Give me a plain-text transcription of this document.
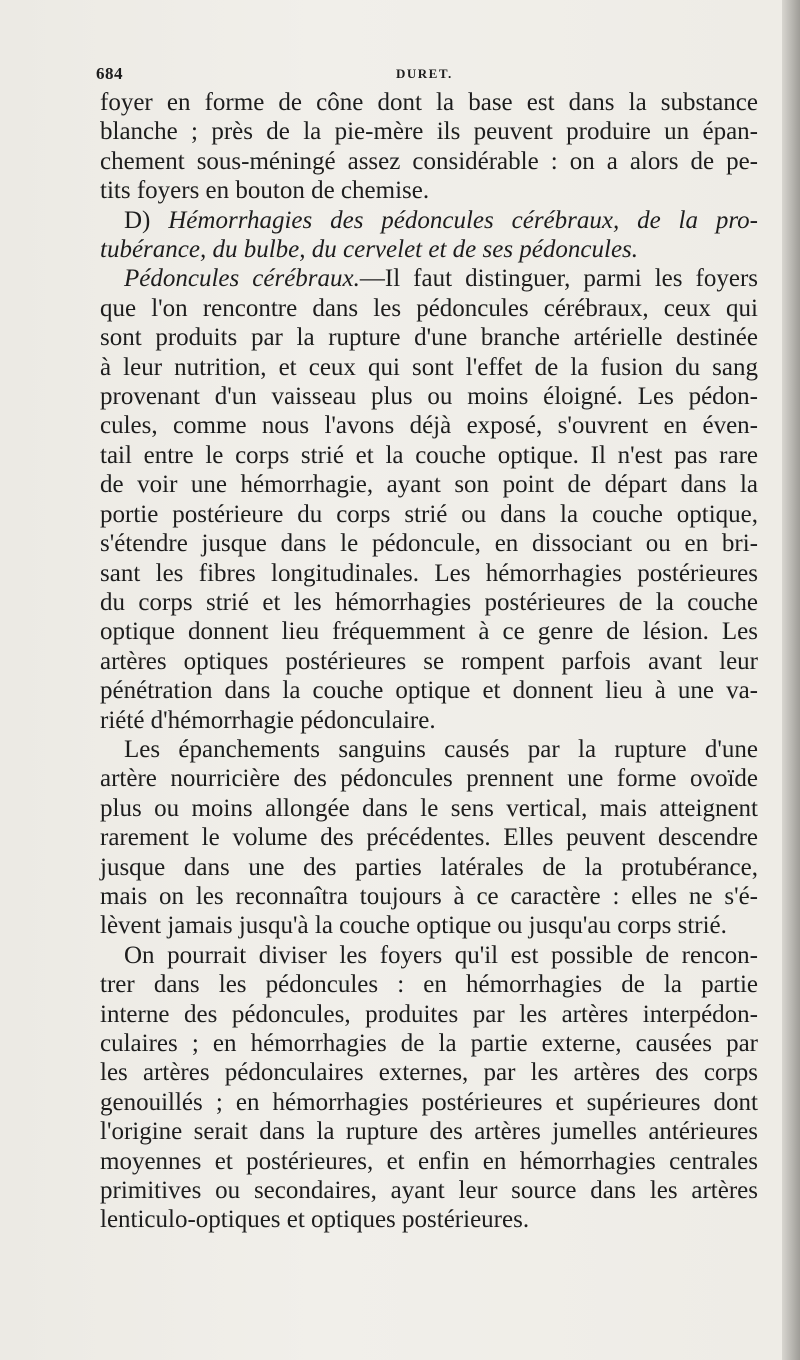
684	DURET.
foyer en forme de cône dont la base est dans la substance
blanche ; près de la pie-mère ils peuvent produire un épan-
chement sous-méningé assez considérable : on a alors de pe-
tits foyers en bouton de chemise.
D) Hémorrhagies des pédoncules cérébraux, de la pro-
tubérance, du bulbe, du cervelet et de ses pédoncules.
Pédoncules cérébraux.—Il faut distinguer, parmi les foyers
que l'on rencontre dans les pédoncules cérébraux, ceux qui
sont produits par la rupture d'une branche artérielle destinée
à leur nutrition, et ceux qui sont l'effet de la fusion du sang
provenant d'un vaisseau plus ou moins éloigné. Les pédon-
cules, comme nous l'avons déjà exposé, s'ouvrent en éven-
tail entre le corps strié et la couche optique. Il n'est pas rare
de voir une hémorrhagie, ayant son point de départ dans la
portie postérieure du corps strié ou dans la couche optique,
s'étendre jusque dans le pédoncule, en dissociant ou en bri-
sant les fibres longitudinales. Les hémorrhagies postérieures
du corps strié et les hémorrhagies postérieures de la couche
optique donnent lieu fréquemment à ce genre de lésion. Les
artères optiques postérieures se rompent parfois avant leur
pénétration dans la couche optique et donnent lieu à une va-
riété d'hémorrhagie pédonculaire.
Les épanchements sanguins causés par la rupture d'une
artère nourricière des pédoncules prennent une forme ovoïde
plus ou moins allongée dans le sens vertical, mais atteignent
rarement le volume des précédentes. Elles peuvent descendre
jusque dans une des parties latérales de la protubérance,
mais on les reconnaîtra toujours à ce caractère : elles ne s'é-
lèvent jamais jusqu'à la couche optique ou jusqu'au corps strié.
On pourrait diviser les foyers qu'il est possible de rencon-
trer dans les pédoncules : en hémorrhagies de la partie
interne des pédoncules, produites par les artères interpédon-
culaires ; en hémorrhagies de la partie externe, causées par
les artères pédonculaires externes, par les artères des corps
genouillés ; en hémorrhagies postérieures et supérieures dont
l'origine serait dans la rupture des artères jumelles antérieures
moyennes et postérieures, et enfin en hémorrhagies centrales
primitives ou secondaires, ayant leur source dans les artères
lenticulo-optiques et optiques postérieures.
